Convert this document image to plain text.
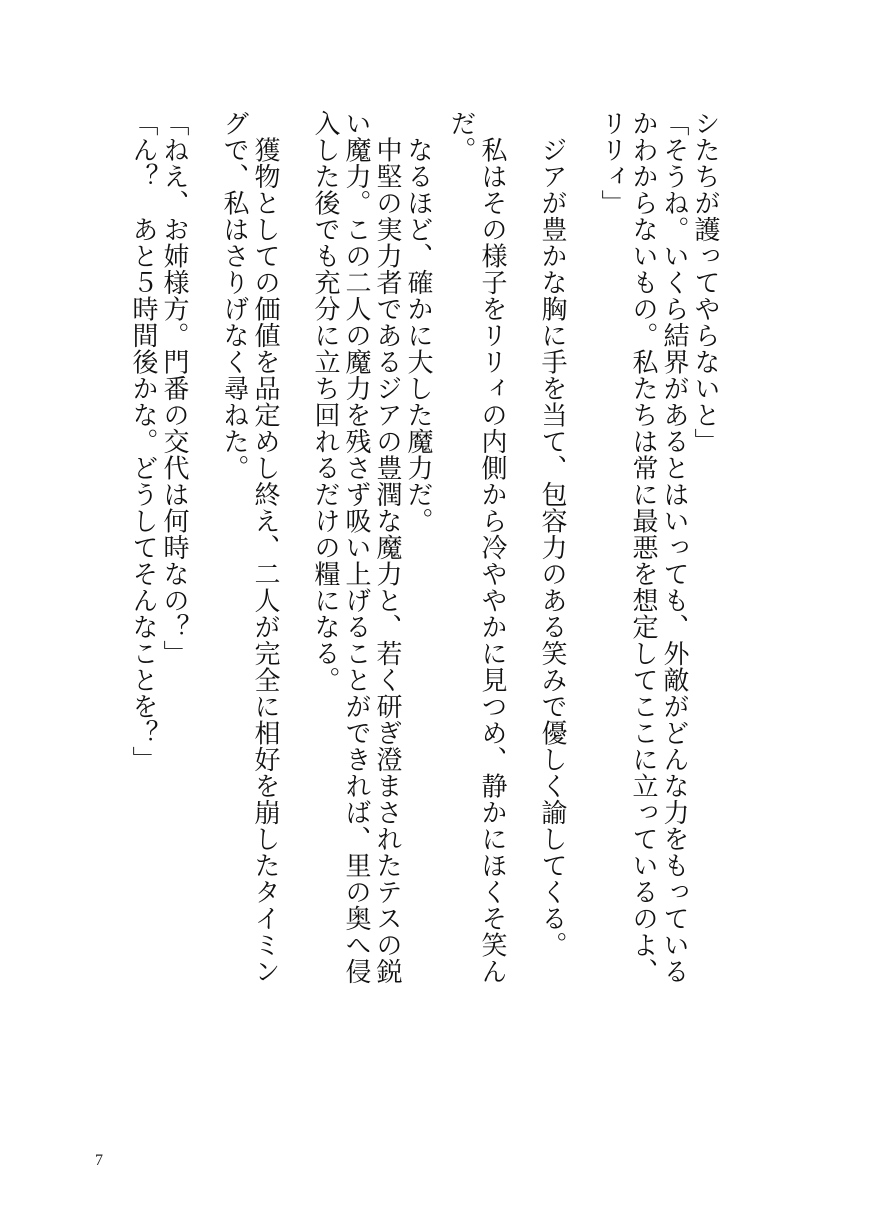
シたちが護ってやらないと」
「そうね。いくら結界があるとはいっても、外敵がどんな力をもっている
かわからないもの。私たちは常に最悪を想定してここに立っているのよ、
リリィ」
　ジアが豊かな胸に手を当て、包容力のある笑みで優しく諭してくる。
　私はその様子をリリィの内側から冷ややかに見つめ、静かにほくそ笑ん
だ。
　なるほど、確かに大した魔力だ。
　中堅の実力者であるジアの豊潤な魔力と、若く研ぎ澄まされたテスの鋭
い魔力。この二人の魔力を残さず吸い上げることができれば、里の奥へ侵
入した後でも充分に立ち回れるだけの糧になる。
　獲物としての価値を品定めし終え、二人が完全に相好を崩したタイミン
グで、私はさりげなく尋ねた。
「ねえ、お姉様方。門番の交代は何時なの？」
「ん？　あと５時間後かな。どうしてそんなことを？」
7
